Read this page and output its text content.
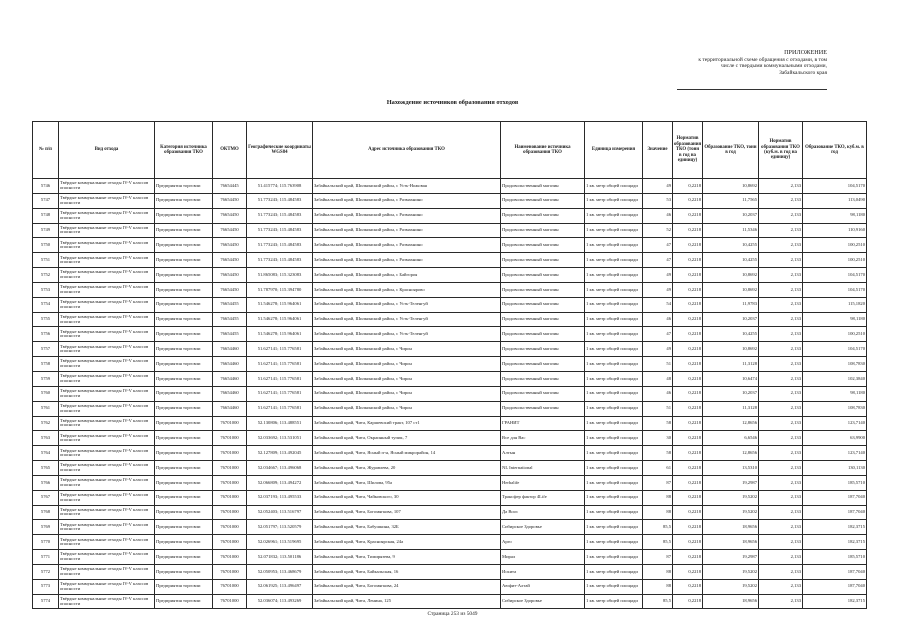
ПРИЛОЖЕНИЕ
к территориальной схеме обращения с отходами, в том
числе с твердыми коммунальными отходами,
Забайкальского края
Нахождение источников образования отходов
№ п/п	Вид отхода	Категория источника образования ТКО	ОКТМО	Географические координаты WGS84	Адрес источника образования ТКО	Наименование источника образования ТКО	Единица измерения	Значение	Норматив образования ТКО (тонн в год на единицу)	Образование ТКО, тонн в год	Норматив образования ТКО (куб.м. в год на единицу)	Образование ТКО, куб.м. в год
5746	Твёрдые коммунальные отходы IV-V классов опасности	Предприятия торговли	76654445	51.415774; 115.763908	Забайкальский край, Шилкинский район, с Усть-Ножовая	Продовольственный магазин	1 кв. метр общей площади	49	0,2218	10,8692	2,133	104,5170
5747	Твёрдые коммунальные отходы IV-V классов опасности	Предприятия торговли	76654450	51.773243; 115.484583	Забайкальский край, Шилкинский район, с Размахнино	Продовольственный магазин	1 кв. метр общей площади	53	0,2218	11,7565	2,133	113,0490
5748	Твёрдые коммунальные отходы IV-V классов опасности	Предприятия торговли	76654450	51.773243; 115.484583	Забайкальский край, Шилкинский район, с Размахнино	Продовольственный магазин	1 кв. метр общей площади	46	0,2218	10,2037	2,133	98,1180
5749	Твёрдые коммунальные отходы IV-V классов опасности	Предприятия торговли	76654450	51.773243; 115.484583	Забайкальский край, Шилкинский район, с Размахнино	Продовольственный магазин	1 кв. метр общей площади	52	0,2218	11,5346	2,133	110,9160
5750	Твёрдые коммунальные отходы IV-V классов опасности	Предприятия торговли	76654450	51.773243; 115.484583	Забайкальский край, Шилкинский район, с Размахнино	Продовольственный магазин	1 кв. метр общей площади	47	0,2218	10,4255	2,133	100,2510
5751	Твёрдые коммунальные отходы IV-V классов опасности	Предприятия торговли	76654450	51.773243; 115.484583	Забайкальский край, Шилкинский район, с Размахнино	Продовольственный магазин	1 кв. метр общей площади	47	0,2218	10,4255	2,133	100,2510
5752	Твёрдые коммунальные отходы IV-V классов опасности	Предприятия торговли	76654450	51.865083; 115.323083	Забайкальский край, Шилкинский район, с Байгороя	Продовольственный магазин	1 кв. метр общей площади	49	0,2218	10,8692	2,133	104,5170
5753	Твёрдые коммунальные отходы IV-V классов опасности	Предприятия торговли	76654450	51.787970; 115.394780	Забайкальский край, Шилкинский район, с Красноярово	Продовольственный магазин	1 кв. метр общей площади	49	0,2218	10,8692	2,133	104,5170
5754	Твёрдые коммунальные отходы IV-V классов опасности	Предприятия торговли	76654455	51.546278; 115.964061	Забайкальский край, Шилкинский район, с Усть-Теленгуй	Продовольственный магазин	1 кв. метр общей площади	54	0,2218	11,9783	2,133	115,1820
5755	Твёрдые коммунальные отходы IV-V классов опасности	Предприятия торговли	76654455	51.546278; 115.964061	Забайкальский край, Шилкинский район, с Усть-Теленгуй	Продовольственный магазин	1 кв. метр общей площади	46	0,2218	10,2037	2,133	98,1180
5756	Твёрдые коммунальные отходы IV-V классов опасности	Предприятия торговли	76654455	51.546278; 115.964061	Забайкальский край, Шилкинский район, с Усть-Теленгуй	Продовольственный магазин	1 кв. метр общей площади	47	0,2218	10,4255	2,133	100,2510
5757	Твёрдые коммунальные отходы IV-V классов опасности	Предприятия торговли	76654460	51.627141; 115.776581	Забайкальский край, Шилкинский район, с Чирон	Продовольственный магазин	1 кв. метр общей площади	49	0,2218	10,8692	2,133	104,5170
5758	Твёрдые коммунальные отходы IV-V классов опасности	Предприятия торговли	76654460	51.627141; 115.776581	Забайкальский край, Шилкинский район, с Чирон	Продовольственный магазин	1 кв. метр общей площади	51	0,2218	11,3128	2,133	108,7830
5759	Твёрдые коммунальные отходы IV-V классов опасности	Предприятия торговли	76654460	51.627141; 115.776581	Забайкальский край, Шилкинский район, с Чирон	Продовольственный магазин	1 кв. метр общей площади	48	0,2218	10,6474	2,133	102,3840
5760	Твёрдые коммунальные отходы IV-V классов опасности	Предприятия торговли	76654460	51.627141; 115.776581	Забайкальский край, Шилкинский район, с Чирон	Продовольственный магазин	1 кв. метр общей площади	46	0,2218	10,2037	2,133	98,1180
5761	Твёрдые коммунальные отходы IV-V классов опасности	Предприятия торговли	76654460	51.627141; 115.776581	Забайкальский край, Шилкинский район, с Чирон	Продовольственный магазин	1 кв. метр общей площади	51	0,2218	11,3128	2,133	108,7830
5762	Твёрдые коммунальные отходы IV-V классов опасности	Предприятия торговли	76701000	52.130806; 113.488551	Забайкальский край, Чита, Каршевский тракт, 107 ст1	ГРАНИТ	1 кв. метр общей площади	58	0,2218	12,8656	2,133	123,7140
5763	Твёрдые коммунальные отходы IV-V классов опасности	Предприятия торговли	76701000	52.033692; 113.531051	Забайкальский край, Чита, Окраинный тупик, 7	Все для Вас	1 кв. метр общей площади	30	0,2218	6,6546	2,133	63,9900
5764	Твёрдые коммунальные отходы IV-V классов опасности	Предприятия торговли	76701000	52.127809; 113.492045	Забайкальский край, Чита, Ясный п-н, Ясный микрорайон, 14	Алтын	1 кв. метр общей площади	58	0,2218	12,8656	2,133	123,7140
5765	Твёрдые коммунальные отходы IV-V классов опасности	Предприятия торговли	76701000	52.034667; 113.496068	Забайкальский край, Чита, Журавлева, 20	NL International	1 кв. метр общей площади	61	0,2218	13,5310	2,133	130,1130
5766	Твёрдые коммунальные отходы IV-V классов опасности	Предприятия торговли	76701000	52.066809; 113.494272	Забайкальский край, Чита, Шилова, 95а	Herbalife	1 кв. метр общей площади	87	0,2218	19,2987	2,133	185,5710
5767	Твёрдые коммунальные отходы IV-V классов опасности	Предприятия торговли	76701000	52.037193; 113.495533	Забайкальский край, Чита, Чайковского, 30	Трансфер фактор 4Life	1 кв. метр общей площади	88	0,2218	19,5202	2,133	187,7040
5768	Твёрдые коммунальные отходы IV-V классов опасности	Предприятия торговли	76701000	52.052403; 113.516797	Забайкальский край, Чита, Богомягкова, 107	Да Воос	1 кв. метр общей площади	88	0,2218	19,5202	2,133	187,7040
5769	Твёрдые коммунальные отходы IV-V классов опасности	Предприятия торговли	76701000	52.051797; 113.520579	Забайкальский край, Чита, Бабушкина, 32Б	Сибирское Здоровье	1 кв. метр общей площади	85,5	0,2218	18,9656	2,133	182,3715
5770	Твёрдые коммунальные отходы IV-V классов опасности	Предприятия торговли	76701000	52.026961; 113.519695	Забайкальский край, Чита, Красноярская, 24а	Арго	1 кв. метр общей площади	85,5	0,2218	18,9656	2,133	182,3715
5771	Твёрдые коммунальные отходы IV-V классов опасности	Предприятия торговли	76701000	52.071832; 113.501186	Забайкальский край, Чита, Тимирязева, 9	Мирал	1 кв. метр общей площади	87	0,2218	19,2987	2,133	185,5710
5772	Твёрдые коммунальные отходы IV-V классов опасности	Предприятия торговли	76701000	52.050953; 113.468679	Забайкальский край, Чита, Байкальская, 16	Искита	1 кв. метр общей площади	88	0,2218	19,5202	2,133	187,7040
5773	Твёрдые коммунальные отходы IV-V классов опасности	Предприятия торговли	76701000	52.061925; 113.496497	Забайкальский край, Чита, Богомягкова, 24	Аюфит-Алтай	1 кв. метр общей площади	88	0,2218	19,5202	2,133	187,7040
5774	Твёрдые коммунальные отходы IV-V классов опасности	Предприятия торговли	76701000	52.036074; 113.493269	Забайкальский край, Чита, Ленина, 125	Сибирское Здоровье	1 кв. метр общей площади	85,5	0,2218	18,9656	2,133	182,3715
Страница 253 из 5049
